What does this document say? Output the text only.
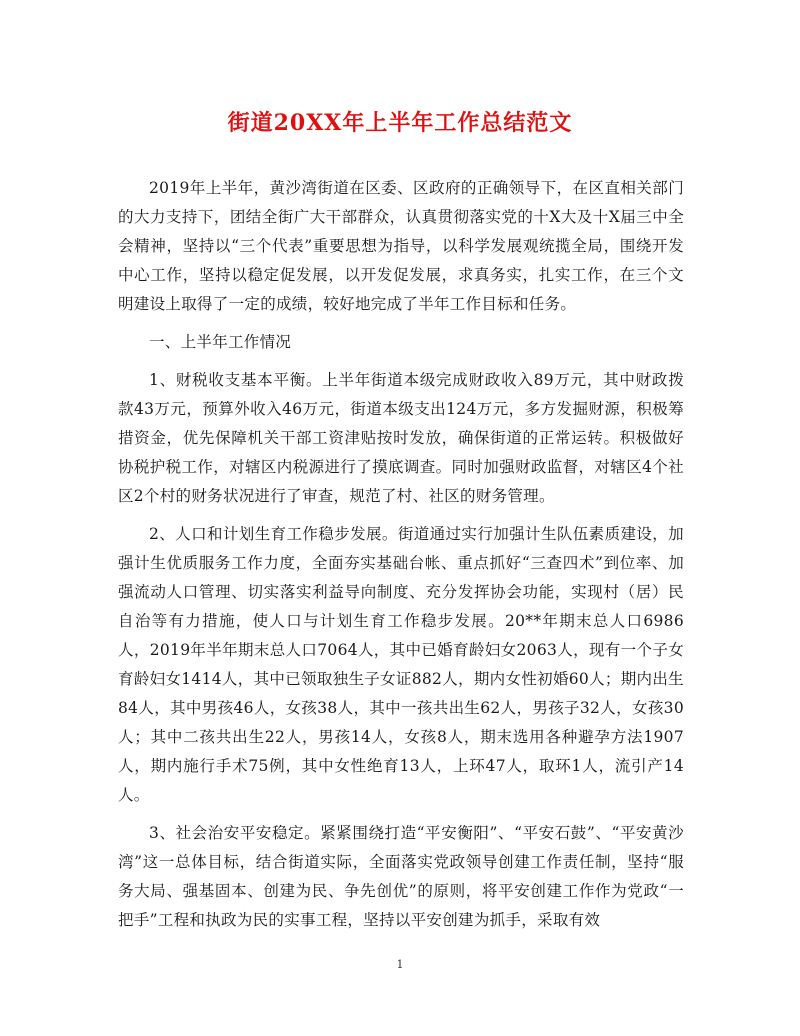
街道20XX年上半年工作总结范文

2019年上半年，黄沙湾街道在区委、区政府的正确领导下，在区直相关部门的大力支持下，团结全街广大干部群众，认真贯彻落实党的十X大及十X届三中全会精神，坚持以“三个代表”重要思想为指导，以科学发展观统揽全局，围绕开发中心工作，坚持以稳定促发展，以开发促发展，求真务实，扎实工作，在三个文明建设上取得了一定的成绩，较好地完成了半年工作目标和任务。

一、上半年工作情况

1、财税收支基本平衡。上半年街道本级完成财政收入89万元，其中财政拨款43万元，预算外收入46万元，街道本级支出124万元，多方发掘财源，积极筹措资金，优先保障机关干部工资津贴按时发放，确保街道的正常运转。积极做好协税护税工作，对辖区内税源进行了摸底调查。同时加强财政监督，对辖区4个社区2个村的财务状况进行了审查，规范了村、社区的财务管理。

2、人口和计划生育工作稳步发展。街道通过实行加强计生队伍素质建设，加强计生优质服务工作力度，全面夯实基础台帐、重点抓好“三查四术”到位率、加强流动人口管理、切实落实利益导向制度、充分发挥协会功能，实现村（居）民自治等有力措施，使人口与计划生育工作稳步发展。20**年期末总人口6986人，2019年半年期末总人口7064人，其中已婚育龄妇女2063人，现有一个子女育龄妇女1414人，其中已领取独生子女证882人，期内女性初婚60人；期内出生84人，其中男孩46人，女孩38人，其中一孩共出生62人，男孩子32人，女孩30人；其中二孩共出生22人，男孩14人，女孩8人，期末选用各种避孕方法1907人，期内施行手术75例，其中女性绝育13人，上环47人，取环1人，流引产14人。

3、社会治安平安稳定。紧紧围绕打造“平安衡阳”、“平安石鼓”、“平安黄沙湾”这一总体目标，结合街道实际，全面落实党政领导创建工作责任制，坚持“服务大局、强基固本、创建为民、争先创优”的原则，将平安创建工作作为党政“一把手”工程和执政为民的实事工程，坚持以平安创建为抓手，采取有效

1
